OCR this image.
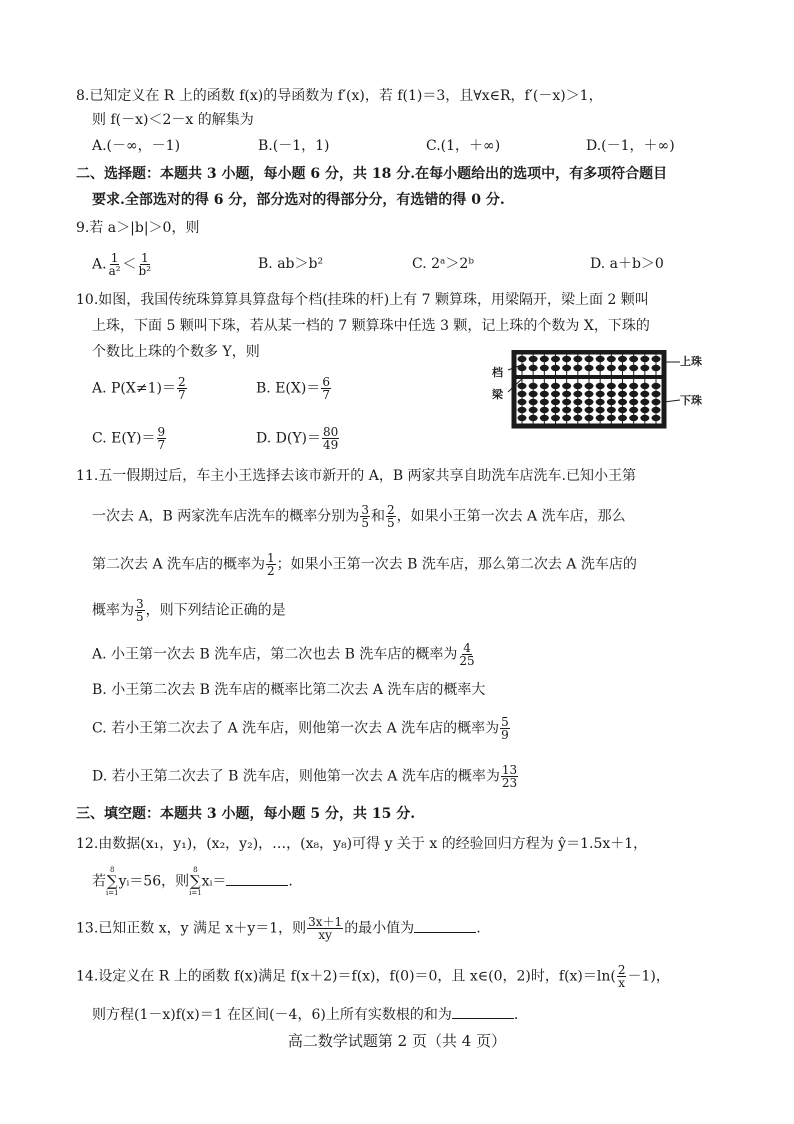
8.已知定义在 R 上的函数 f(x)的导函数为 f′(x)，若 f(1)＝3，且∀x∈R，f′(－x)＞1，
则 f(－x)＜2－x 的解集为
A.(－∞，－1)	B.(－1，1)	C.(1，＋∞)	D.(－1，＋∞)
二、选择题：本题共 3 小题，每小题 6 分，共 18 分.在每小题给出的选项中，有多项符合题目
要求.全部选对的得 6 分，部分选对的得部分分，有选错的得 0 分.
9.若 a＞|b|＞0，则
A. $\frac{1}{\text{a²}} < \frac{1}{\text{b²}}$	B. ab＞b²	C. 2ᵃ＞2ᵇ	D. a＋b＞0
10.如图，我国传统珠算算具算盘每个档(挂珠的杆)上有 7 颗算珠，用梁隔开，梁上面 2 颗叫
上珠，下面 5 颗叫下珠，若从某一档的 7 颗算珠中任选 3 颗，记上珠的个数为 X，下珠的
个数比上珠的个数多 Y，则
A. $P(X\ne 1)= \frac{2}{7}$	B. $E(X)= \frac{6}{7}$
C. $E(Y)= \frac{9}{7}$	D. $D(Y)= \frac{80}{49}$
上珠
档
梁	下珠
11.五一假期过后，车主小王选择去该市新开的 A，B 两家共享自助洗车店洗车.已知小王第
一次去 A，B 两家洗车店洗车的概率分别为 $\frac{3}{5}$ 和 $\frac{2}{5}$ ，如果小王第一次去 A 洗车店，那么
第二次去 A 洗车店的概率为 $\frac{1}{2}$ ；如果小王第一次去 B 洗车店，那么第二次去 A 洗车店的
概率为 $\frac{3}{5}$ ，则下列结论正确的是
A. 小王第一次去 B 洗车店，第二次也去 B 洗车店的概率为 $\frac{4}{25}$
B. 小王第二次去 B 洗车店的概率比第二次去 A 洗车店的概率大
C. 若小王第二次去了 A 洗车店，则他第一次去 A 洗车店的概率为 $\frac{5}{9}$
D. 若小王第二次去了 B 洗车店，则他第一次去 A 洗车店的概率为 $\frac{13}{23}$
三、填空题：本题共 3 小题，每小题 5 分，共 15 分.
12.由数据(x₁，y₁)，(x₂，y₂)，…，(x₈，y₈)可得 y 关于 x 的经验回归方程为 ŷ＝1.5x＋1，
若
8
∑
i=1
yᵢ＝56，则
8
∑
i=1
xᵢ＝	.
13.已知正数 x，y 满足 x＋y＝1，则 $\frac{3x+1}{xy}$ 的最小值为	.
14.设定义在 R 上的函数 f(x)满足 f(x＋2)＝f(x)，f(0)＝0，且 x∈(0，2)时，$f(x)=\ln( \frac{2}{x} -1)$，
则方程(1－x)f(x)＝1 在区间(－4，6)上所有实数根的和为	.
高二数学试题第 2 页（共 4 页）
